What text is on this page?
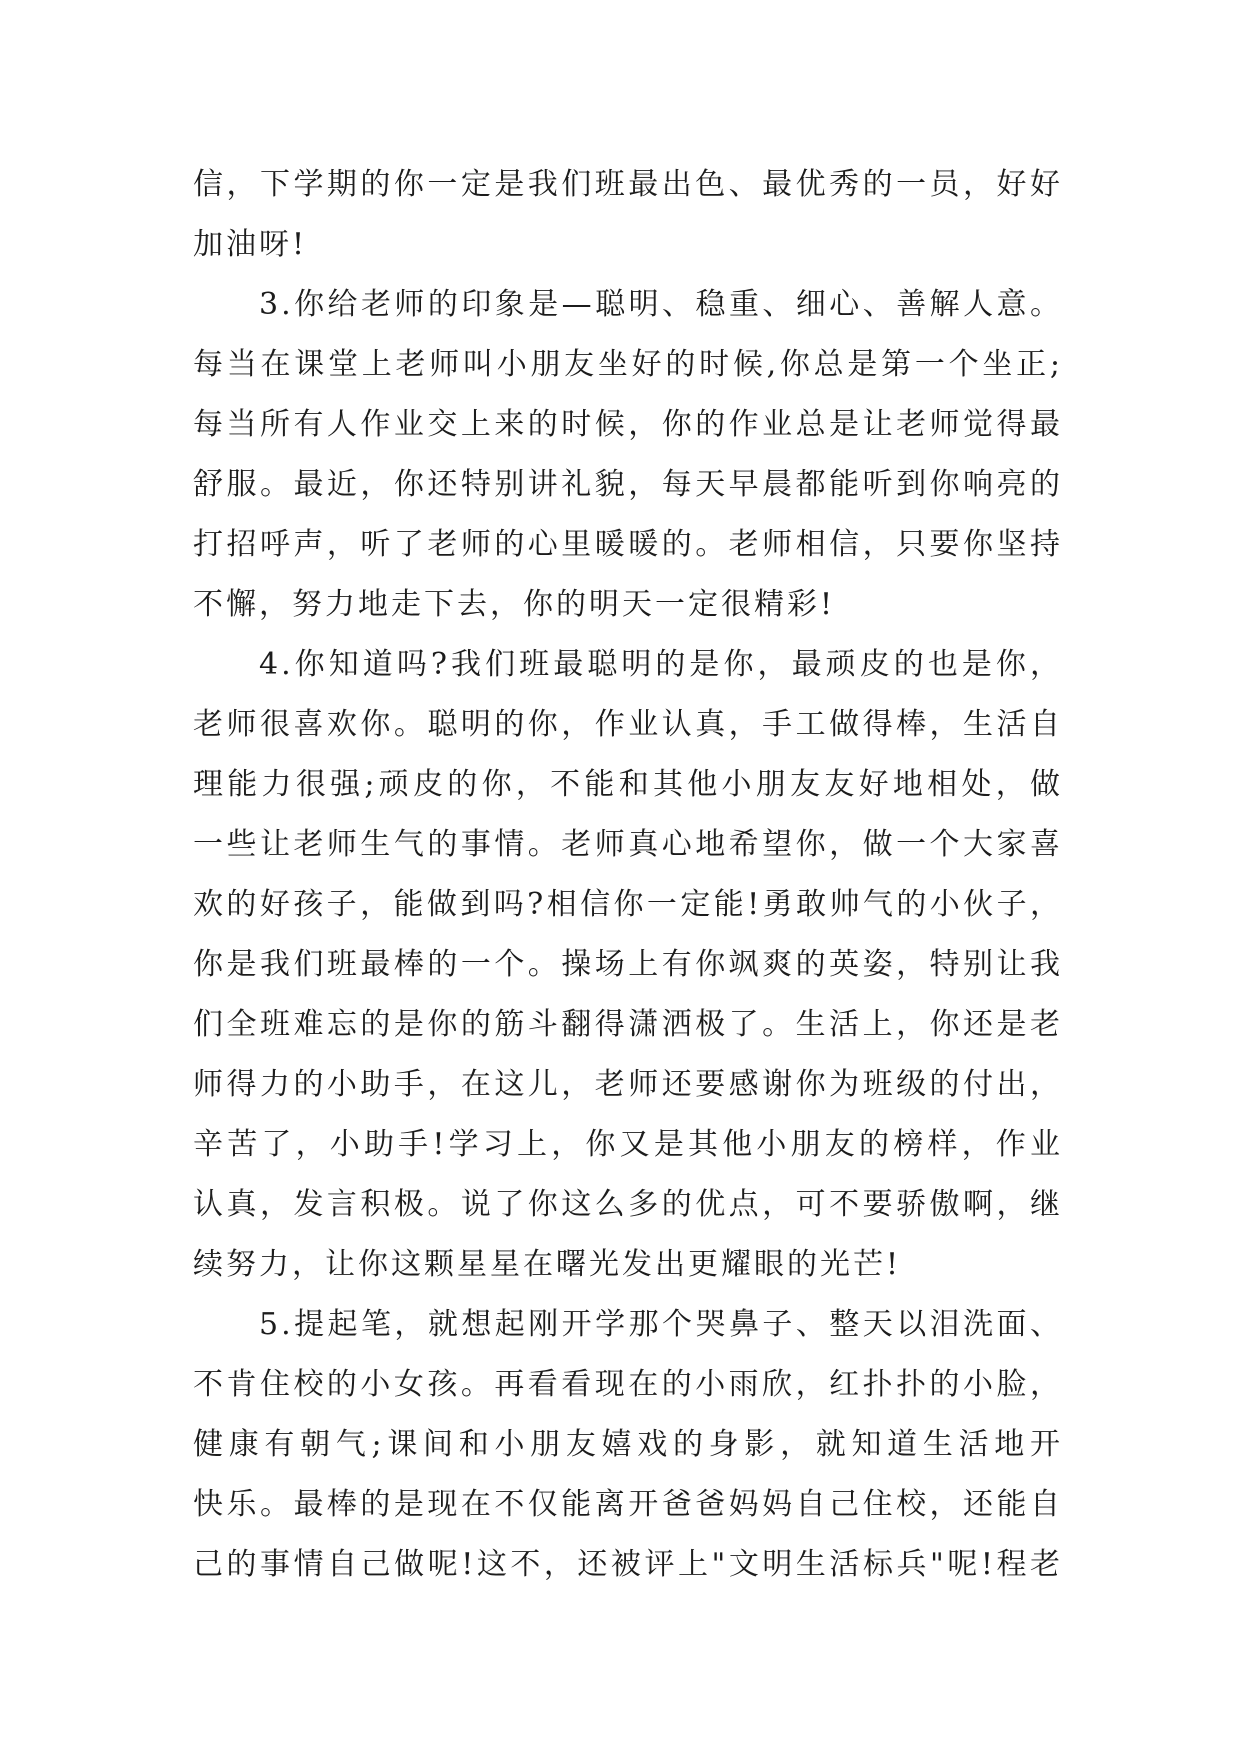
信，下学期的你一定是我们班最出色、最优秀的一员，好好
加油呀!
3.你给老师的印象是—聪明、稳重、细心、善解人意。
每当在课堂上老师叫小朋友坐好的时候,你总是第一个坐正;
每当所有人作业交上来的时候，你的作业总是让老师觉得最
舒服。最近，你还特别讲礼貌，每天早晨都能听到你响亮的
打招呼声，听了老师的心里暖暖的。老师相信，只要你坚持
不懈，努力地走下去，你的明天一定很精彩!
4.你知道吗?我们班最聪明的是你，最顽皮的也是你，
老师很喜欢你。聪明的你，作业认真，手工做得棒，生活自
理能力很强;顽皮的你，不能和其他小朋友友好地相处，做
一些让老师生气的事情。老师真心地希望你，做一个大家喜
欢的好孩子，能做到吗?相信你一定能!勇敢帅气的小伙子，
你是我们班最棒的一个。操场上有你飒爽的英姿，特别让我
们全班难忘的是你的筋斗翻得潇洒极了。生活上，你还是老
师得力的小助手，在这儿，老师还要感谢你为班级的付出，
辛苦了，小助手!学习上，你又是其他小朋友的榜样，作业
认真，发言积极。说了你这么多的优点，可不要骄傲啊，继
续努力，让你这颗星星在曙光发出更耀眼的光芒!
5.提起笔，就想起刚开学那个哭鼻子、整天以泪洗面、
不肯住校的小女孩。再看看现在的小雨欣，红扑扑的小脸，
健康有朝气;课间和小朋友嬉戏的身影，就知道生活地开
快乐。最棒的是现在不仅能离开爸爸妈妈自己住校，还能自
己的事情自己做呢!这不，还被评上"文明生活标兵"呢!程老
